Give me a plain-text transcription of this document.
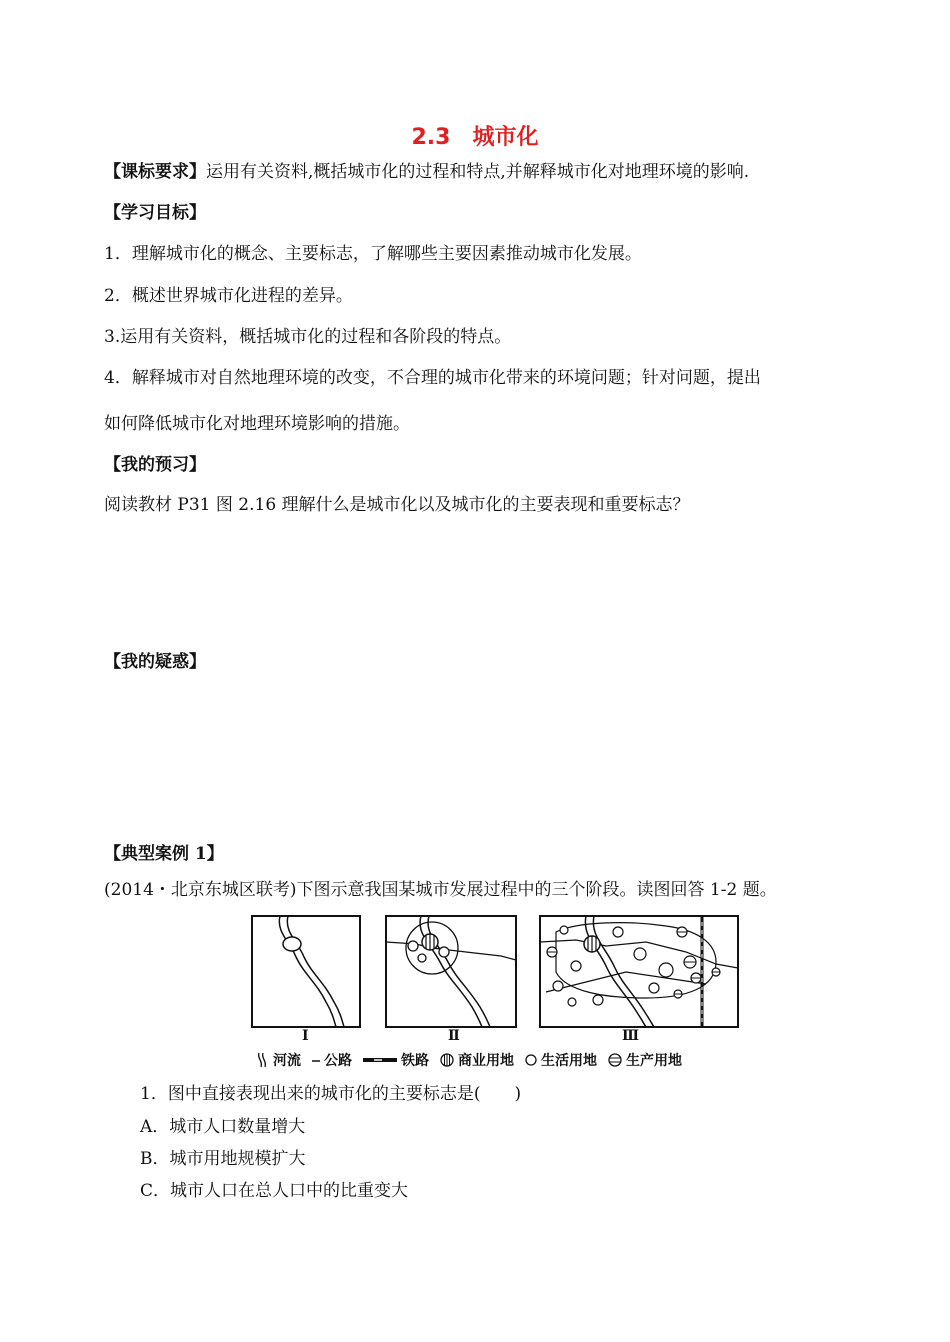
2.3　城市化
【课标要求】运用有关资料,概括城市化的过程和特点,并解释城市化对地理环境的影响.
【学习目标】
1．理解城市化的概念、主要标志，了解哪些主要因素推动城市化发展。
2．概述世界城市化进程的差异。
3.运用有关资料，概括城市化的过程和各阶段的特点。
4．解释城市对自然地理环境的改变，不合理的城市化带来的环境问题；针对问题，提出
如何降低城市化对地理环境影响的措施。
【我的预习】
阅读教材 P31 图 2.16 理解什么是城市化以及城市化的主要表现和重要标志？
【我的疑惑】
【典型案例 1】
(2014・北京东城区联考)下图示意我国某城市发展过程中的三个阶段。读图回答 1-2 题。
Ⅰ	Ⅱ	Ⅲ
河流 公路	铁路 商业用地 生活用地 生产用地
1．图中直接表现出来的城市化的主要标志是(　　)
A．城市人口数量增大
B．城市用地规模扩大
C．城市人口在总人口中的比重变大
